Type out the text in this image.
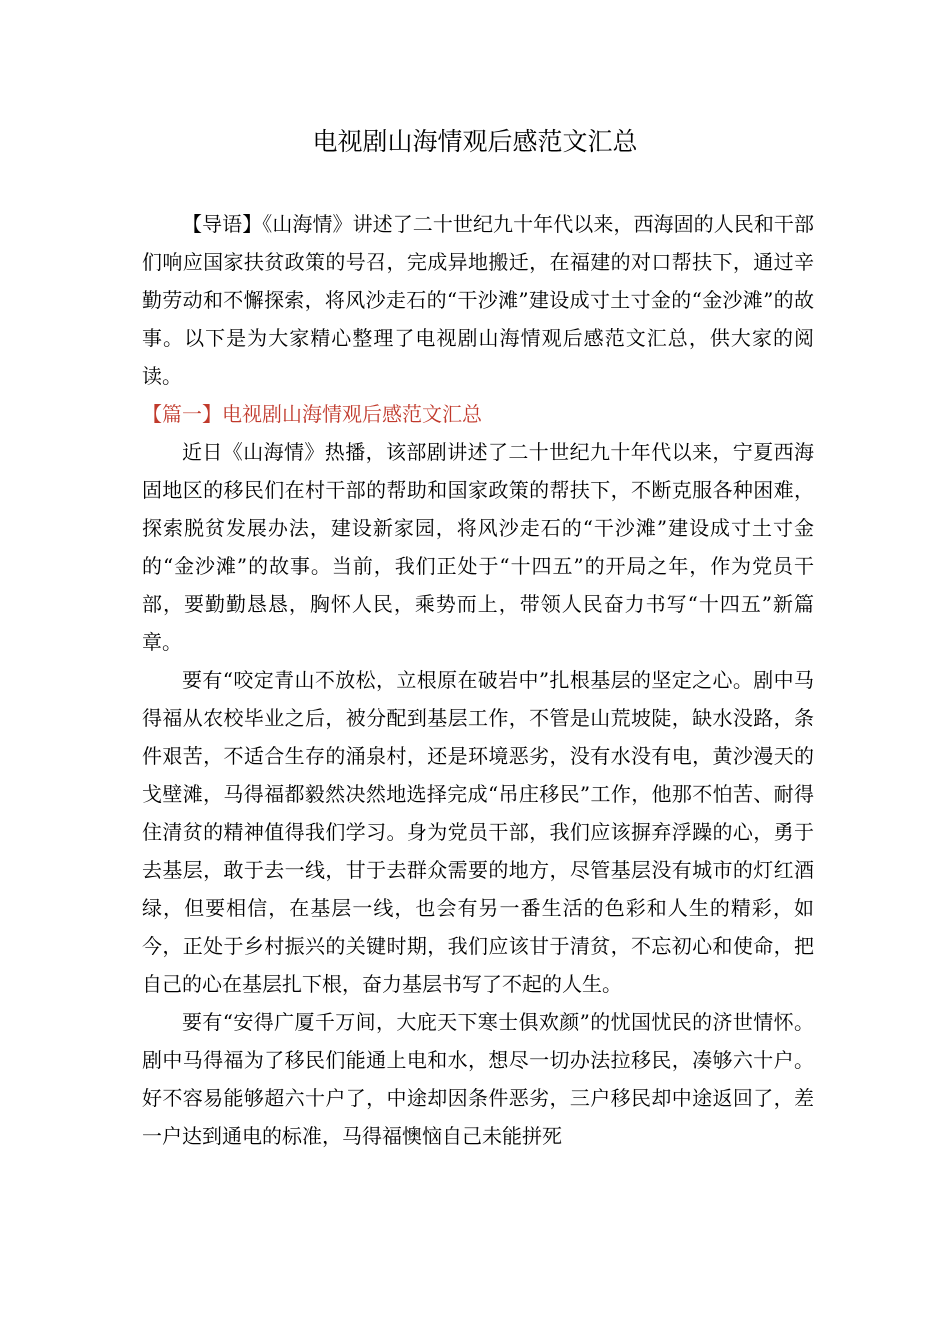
电视剧山海情观后感范文汇总

【导语】《山海情》讲述了二十世纪九十年代以来，西海固的人民和干部们响应国家扶贫政策的号召，完成异地搬迁，在福建的对口帮扶下，通过辛勤劳动和不懈探索，将风沙走石的“干沙滩”建设成寸土寸金的“金沙滩”的故事。以下是为大家精心整理了电视剧山海情观后感范文汇总，供大家的阅读。

【篇一】电视剧山海情观后感范文汇总

近日《山海情》热播，该部剧讲述了二十世纪九十年代以来，宁夏西海固地区的移民们在村干部的帮助和国家政策的帮扶下，不断克服各种困难，探索脱贫发展办法，建设新家园，将风沙走石的“干沙滩”建设成寸土寸金的“金沙滩”的故事。当前，我们正处于“十四五”的开局之年，作为党员干部，要勤勤恳恳，胸怀人民，乘势而上，带领人民奋力书写“十四五”新篇章。

要有“咬定青山不放松，立根原在破岩中”扎根基层的坚定之心。剧中马得福从农校毕业之后，被分配到基层工作，不管是山荒坡陡，缺水没路，条件艰苦，不适合生存的涌泉村，还是环境恶劣，没有水没有电，黄沙漫天的戈壁滩，马得福都毅然决然地选择完成“吊庄移民”工作，他那不怕苦、耐得住清贫的精神值得我们学习。身为党员干部，我们应该摒弃浮躁的心，勇于去基层，敢于去一线，甘于去群众需要的地方，尽管基层没有城市的灯红酒绿，但要相信，在基层一线，也会有另一番生活的色彩和人生的精彩，如今，正处于乡村振兴的关键时期，我们应该甘于清贫，不忘初心和使命，把自己的心在基层扎下根，奋力基层书写了不起的人生。

要有“安得广厦千万间，大庇天下寒士俱欢颜”的忧国忧民的济世情怀。剧中马得福为了移民们能通上电和水，想尽一切办法拉移民，凑够六十户。好不容易能够超六十户了，中途却因条件恶劣，三户移民却中途返回了，差一户达到通电的标准，马得福懊恼自己未能拼死
